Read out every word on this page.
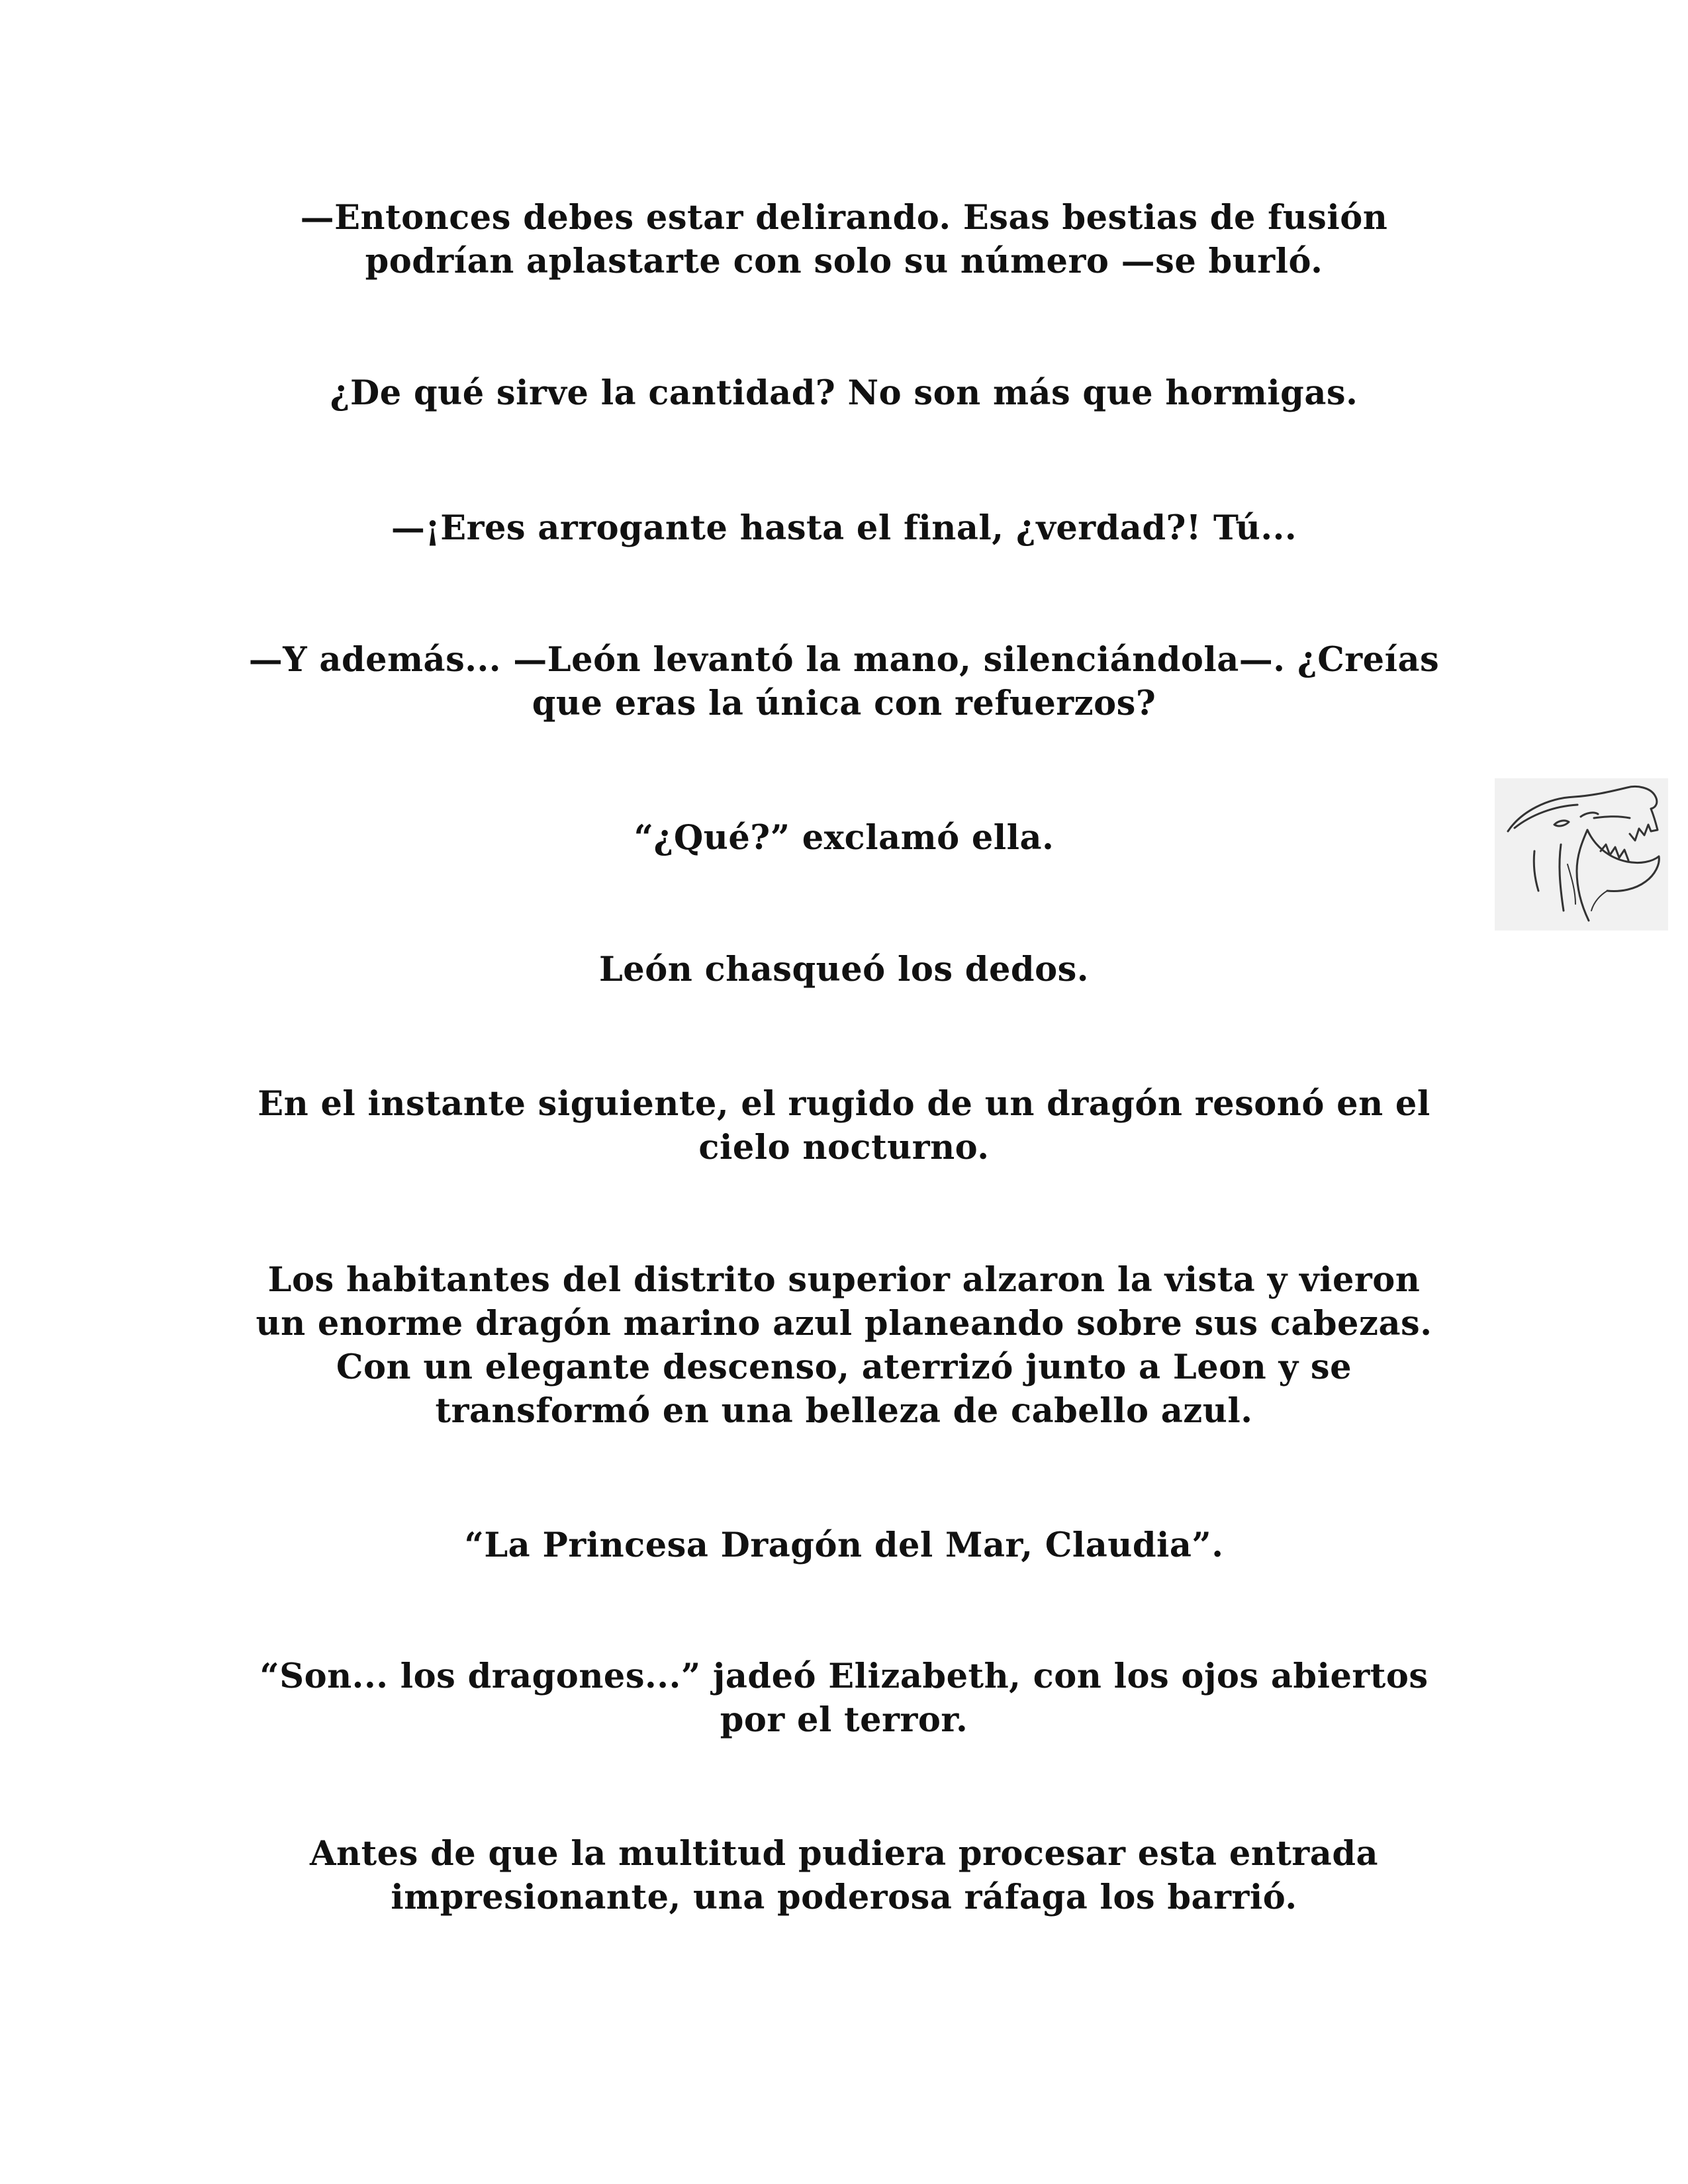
—Entonces debes estar delirando. Esas bestias de fusión
podrían aplastarte con solo su número —se burló.

¿De qué sirve la cantidad? No son más que hormigas.

—¡Eres arrogante hasta el final, ¿verdad?! Tú...

—Y además... —León levantó la mano, silenciándola—. ¿Creías
que eras la única con refuerzos?

“¿Qué?” exclamó ella.

León chasqueó los dedos.

En el instante siguiente, el rugido de un dragón resonó en el
cielo nocturno.

Los habitantes del distrito superior alzaron la vista y vieron
un enorme dragón marino azul planeando sobre sus cabezas.
Con un elegante descenso, aterrizó junto a Leon y se
transformó en una belleza de cabello azul.

“La Princesa Dragón del Mar, Claudia”.

“Son... los dragones...” jadeó Elizabeth, con los ojos abiertos
por el terror.

Antes de que la multitud pudiera procesar esta entrada
impresionante, una poderosa ráfaga los barrió.
